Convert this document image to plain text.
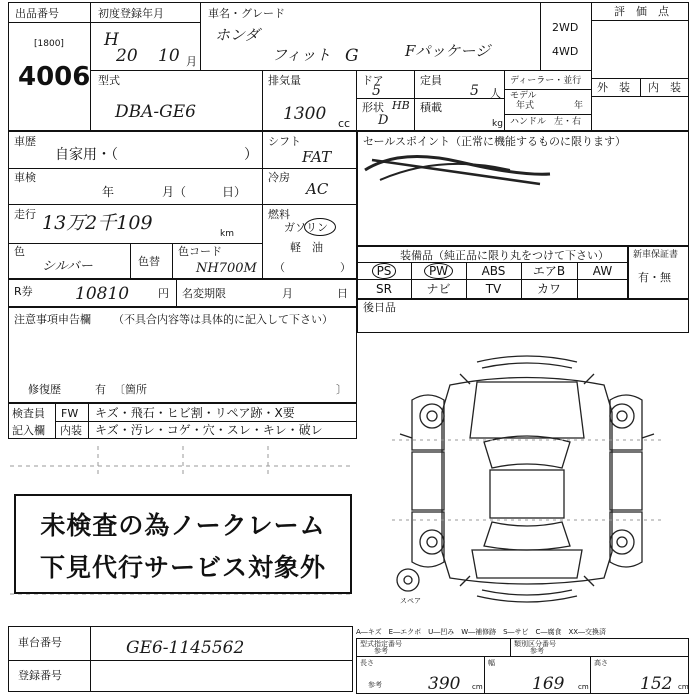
出品番号
[1800]
4006
初度登録年月
H
20 10 月
車名・グレード
ホンダ
フィット G	Fパッケージ
2WD
4WD
評　価　点
外　装 内　装
型式
DBA-GE6
排気量
1300 cc
ドア
5
定員
5 人
形状 HB
D
積載
kg
ディーラー・並行
モデル
年式	年
ハンドル 左・右
車歴
自家用・（	）
シフト
FAT
車検
年　　　　月（　　　日）
冷房
AC
走行 13万2千109	km
燃料
ガソリン
軽　油
（	）
色
シルバー	色替
色コード
NH700M
セールスポイント（正常に機能するものに限ります）
装備品（純正品に限り丸をつけて下さい）
PS	PW	ABS	エアB	AW
SR	ナビ	TV	カワ
新車保証書
有・無
R券 10810	円 名変期限	月　　　　日
後日品
注意事項申告欄 （不具合内容等は具体的に記入して下さい）
修復歴	有 〔箇所	〕
検査員
記入欄
FW キズ・飛石・ヒビ割・リペア跡・X要
内装 キズ・汚レ・コゲ・穴・スレ・キレ・破レ
未検査の為ノークレーム
下見代行サービス対象外
スペア
車台番号	GE6-1145562
登録番号
A―キズ　E―エクボ　U―凹み　W―補修跡　S―サビ　C―腐食　XX―交換済
型式指定番号
参考
類別区分番号
参考
長さ
参考	390 cm
幅
169 cm
高さ
152 cm
